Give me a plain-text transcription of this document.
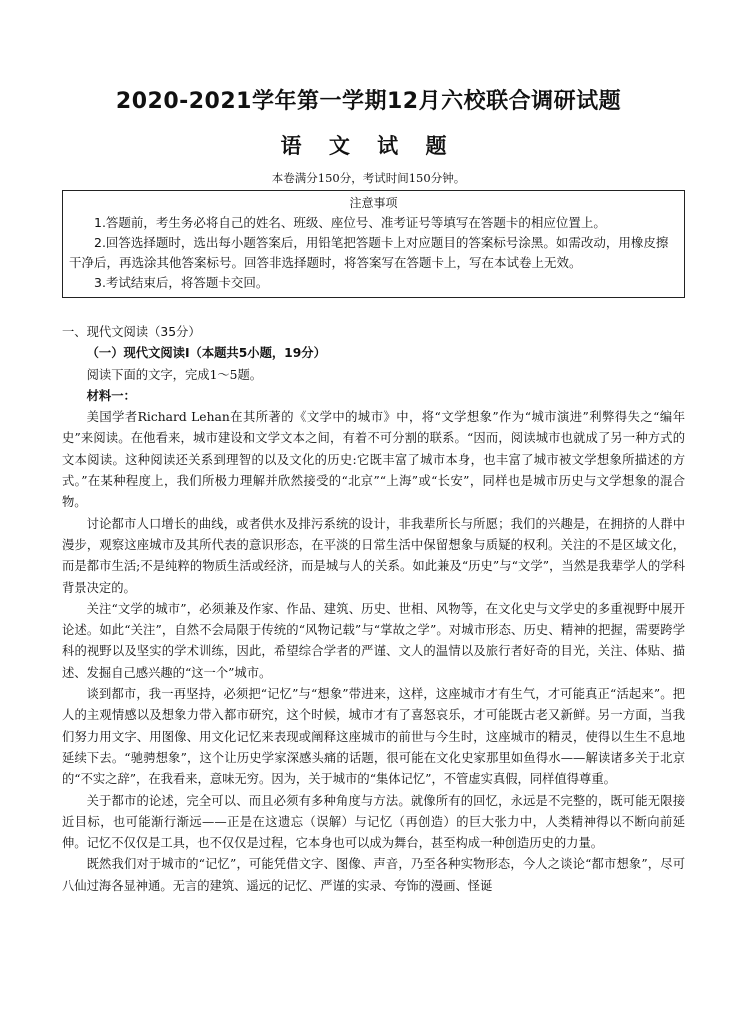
2020-2021学年第一学期12月六校联合调研试题
语 文 试 题
本卷满分150分，考试时间150分钟。
注意事项

1.答题前，考生务必将自己的姓名、班级、座位号、准考证号等填写在答题卡的相应位置上。

2.回答选择题时，选出每小题答案后，用铅笔把答题卡上对应题目的答案标号涂黑。如需改动，用橡皮擦干净后，再选涂其他答案标号。回答非选择题时，将答案写在答题卡上，写在本试卷上无效。

3.考试结束后，将答题卡交回。

一、现代文阅读（35分）

（一）现代文阅读Ⅰ（本题共5小题，19分）

阅读下面的文字，完成1～5题。

材料一：

美国学者Richard Lehan在其所著的《文学中的城市》中，将“文学想象”作为“城市演进”利弊得失之“编年史”来阅读。在他看来，城市建设和文学文本之间，有着不可分割的联系。“因而，阅读城市也就成了另一种方式的文本阅读。这种阅读还关系到理智的以及文化的历史:它既丰富了城市本身，也丰富了城市被文学想象所描述的方式。”在某种程度上，我们所极力理解并欣然接受的“北京”“上海”或“长安”，同样也是城市历史与文学想象的混合物。

讨论都市人口增长的曲线，或者供水及排污系统的设计，非我辈所长与所愿；我们的兴趣是，在拥挤的人群中漫步，观察这座城市及其所代表的意识形态，在平淡的日常生活中保留想象与质疑的权利。关注的不是区域文化，而是都市生活;不是纯粹的物质生活或经济，而是城与人的关系。如此兼及“历史”与“文学”，当然是我辈学人的学科背景决定的。

关注“文学的城市”，必须兼及作家、作品、建筑、历史、世相、风物等，在文化史与文学史的多重视野中展开论述。如此“关注”，自然不会局限于传统的“风物记载”与“掌故之学”。对城市形态、历史、精神的把握，需要跨学科的视野以及坚实的学术训练，因此，希望综合学者的严谨、文人的温情以及旅行者好奇的目光，关注、体贴、描述、发掘自己感兴趣的“这一个”城市。

谈到都市，我一再坚持，必须把“记忆”与“想象”带进来，这样，这座城市才有生气，才可能真正“活起来”。把人的主观情感以及想象力带入都市研究，这个时候，城市才有了喜怒哀乐，才可能既古老又新鲜。另一方面，当我们努力用文字、用图像、用文化记忆来表现或阐释这座城市的前世与今生时，这座城市的精灵，使得以生生不息地延续下去。“驰骋想象”，这个让历史学家深感头痛的话题，很可能在文化史家那里如鱼得水——解读诸多关于北京的“不实之辞”，在我看来，意味无穷。因为，关于城市的“集体记忆”，不管虚实真假，同样值得尊重。

关于都市的论述，完全可以、而且必须有多种角度与方法。就像所有的回忆，永远是不完整的，既可能无限接近目标，也可能渐行渐远——正是在这遗忘（误解）与记忆（再创造）的巨大张力中，人类精神得以不断向前延伸。记忆不仅仅是工具，也不仅仅是过程，它本身也可以成为舞台，甚至构成一种创造历史的力量。

既然我们对于城市的“记忆”，可能凭借文字、图像、声音，乃至各种实物形态，今人之谈论“都市想象”，尽可八仙过海各显神通。无言的建筑、遥远的记忆、严谨的实录、夸饰的漫画、怪诞
